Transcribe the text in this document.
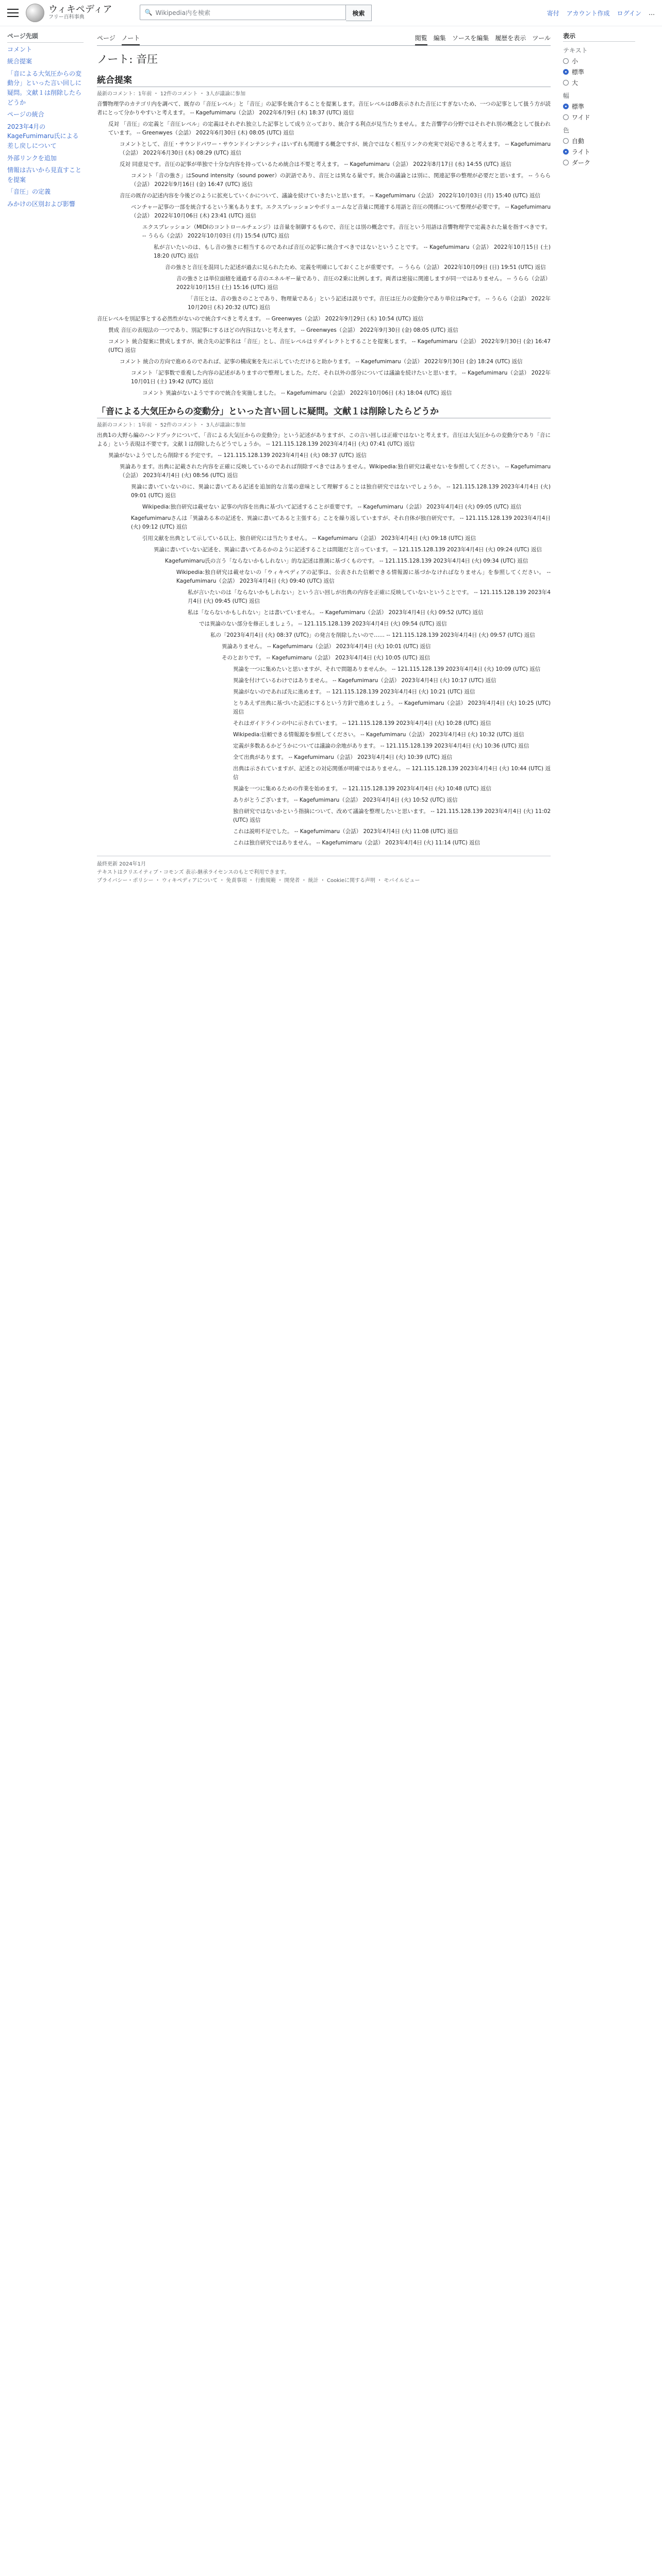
ウィキペディア
フリー百科事典
🔍 Wikipedia内を検索	検索	寄付 アカウント作成 ログイン …
ページ先頭
コメント
統合提案
「音による大気圧からの変動分」といった言い回しに疑問。文献１は削除したらどうか
ページの統合
2023年4月のKageFumimaru氏による差し戻しについて
外部リンクを追加
情報は古いから見直すことを提案
「音圧」の定義
みかけの区別および影響
ページ ノート	閲覧 編集 ソースを編集 履歴を表示 ツール
ノート: 音圧
統合提案
最新のコメント：1年前 ・ 12件のコメント ・ 3人が議論に参加
音響物理学のカテゴリ内を調べて、既存の「音圧レベル」と「音圧」の記事を統合することを提案します。音圧レベルはdB表示された音圧にすぎないため、一つの記事として扱う方が読者にとって分かりやすいと考えます。 -- Kagefumimaru（会話） 2022年6月9日 (木) 18:37 (UTC) 返信
反対 「音圧」の定義と「音圧レベル」の定義はそれぞれ独立した記事として成り立っており、統合する利点が見当たりません。また音響学の分野ではそれぞれ別の概念として扱われています。 -- Greenwyes（会話） 2022年6月30日 (木) 08:05 (UTC) 返信
コメントとして、音圧・サウンドパワー・サウンドインテンシティはいずれも関連する概念ですが、統合ではなく相互リンクの充実で対応できると考えます。 -- Kagefumimaru（会話） 2022年6月30日 (木) 08:29 (UTC) 返信
反対 同意見です。音圧の記事が単独で十分な内容を持っているため統合は不要と考えます。 -- Kagefumimaru（会話） 2022年8月17日 (水) 14:55 (UTC) 返信
コメント「音の強さ」はSound intensity（sound power）の訳語であり、音圧とは異なる量です。統合の議論とは別に、関連記事の整理が必要だと思います。 -- うらら（会話） 2022年9月16日 (金) 16:47 (UTC) 返信
音圧の既存の記述内容を今後どのように拡充していくかについて、議論を続けていきたいと思います。 -- Kagefumimaru（会話） 2022年10月03日 (月) 15:40 (UTC) 返信
ベンチャー記事の一部を統合するという案もあります。エクスプレッションやボリュームなど音量に関連する用語と音圧の関係について整理が必要です。 -- Kagefumimaru（会話） 2022年10月06日 (木) 23:41 (UTC) 返信
エクスプレッション（MIDIのコントロールチェンジ）は音量を制御するもので、音圧とは別の概念です。音圧という用語は音響物理学で定義された量を指すべきです。 -- うらら（会話） 2022年10月03日 (月) 15:54 (UTC) 返信
私が言いたいのは、もし音の強さに相当するのであれば音圧の記事に統合すべきではないということです。 -- Kagefumimaru（会話） 2022年10月15日 (土) 18:20 (UTC) 返信
音の強さと音圧を混同した記述が過去に見られたため、定義を明確にしておくことが重要です。 -- うらら（会話） 2022年10月09日 (日) 19:51 (UTC) 返信
音の強さとは単位面積を通過する音のエネルギー量であり、音圧の2乗に比例します。両者は密接に関連しますが同一ではありません。 -- うらら（会話） 2022年10月15日 (土) 15:16 (UTC) 返信
「音圧とは、音の強さのことであり、物理量である」という記述は誤りです。音圧は圧力の変動分であり単位はPaです。 -- うらら（会話） 2022年10月20日 (木) 20:32 (UTC) 返信
音圧レベルを別記事とする必然性がないので統合すべきと考えます。 -- Greenwyes（会話） 2022年9月29日 (木) 10:54 (UTC) 返信
賛成 音圧の表現法の一つであり、別記事にするほどの内容はないと考えます。 -- Greenwyes（会話） 2022年9月30日 (金) 08:05 (UTC) 返信
コメント 統合提案に賛成しますが、統合先の記事名は「音圧」とし、音圧レベルはリダイレクトとすることを提案します。 -- Kagefumimaru（会話） 2022年9月30日 (金) 16:47 (UTC) 返信
コメント 統合の方向で進めるのであれば、記事の構成案を先に示していただけると助かります。 -- Kagefumimaru（会話） 2022年9月30日 (金) 18:24 (UTC) 返信
コメント「記事数で重複した内容の記述がありますので整理しました。ただ、それ以外の部分については議論を続けたいと思います。 -- Kagefumimaru（会話） 2022年10月01日 (土) 19:42 (UTC) 返信
コメント 異論がないようですので統合を実施しました。 -- Kagefumimaru（会話） 2022年10月06日 (木) 18:04 (UTC) 返信
「音による大気圧からの変動分」といった言い回しに疑問。文献１は削除したらどうか
最新のコメント：1年前 ・ 52件のコメント ・ 3人が議論に参加
出典1の大野ら編のハンドブックについて、「音による大気圧からの変動分」という記述がありますが、この言い回しは正確ではないと考えます。音圧は大気圧からの変動分であり「音による」という表現は不要です。文献１は削除したらどうでしょうか。 -- 121.115.128.139 2023年4月4日 (火) 07:41 (UTC) 返信
異論がないようでしたら削除する予定です。 -- 121.115.128.139 2023年4月4日 (火) 08:37 (UTC) 返信
異論あります。出典に記載された内容を正確に反映しているのであれば削除すべきではありません。Wikipedia:独自研究は載せないを参照してください。 -- Kagefumimaru（会話） 2023年4月4日 (火) 08:56 (UTC) 返信
異論に書いていないのに、異論に書いてある記述を追加的な言葉の意味として理解することは独自研究ではないでしょうか。 -- 121.115.128.139 2023年4月4日 (火) 09:01 (UTC) 返信
Wikipedia:独自研究は載せない 記事の内容を出典に基づいて記述することが重要です。 -- Kagefumimaru（会話） 2023年4月4日 (火) 09:05 (UTC) 返信
Kagefumimaruさんは「異論ある本の記述を、異論に書いてあると主張する」ことを繰り返していますが、それ自体が独自研究です。 -- 121.115.128.139 2023年4月4日 (火) 09:12 (UTC) 返信
引用文献を出典として示している以上、独自研究には当たりません。 -- Kagefumimaru（会話） 2023年4月4日 (火) 09:18 (UTC) 返信
異論に書いていない記述を、異論に書いてあるかのように記述することは問題だと言っています。 -- 121.115.128.139 2023年4月4日 (火) 09:24 (UTC) 返信
Kagefumimaru氏の言う「ならないかもしれない」的な記述は推測に基づくものです。 -- 121.115.128.139 2023年4月4日 (火) 09:34 (UTC) 返信
Wikipedia:独自研究は載せないの「ウィキペディアの記事は、公表された信頼できる情報源に基づかなければなりません」を参照してください。 -- Kagefumimaru（会話） 2023年4月4日 (火) 09:40 (UTC) 返信
私が言いたいのは「ならないかもしれない」という言い回しが出典の内容を正確に反映していないということです。 -- 121.115.128.139 2023年4月4日 (火) 09:45 (UTC) 返信
私は「ならないかもしれない」とは書いていません。 -- Kagefumimaru（会話） 2023年4月4日 (火) 09:52 (UTC) 返信
では異論のない部分を修正しましょう。 -- 121.115.128.139 2023年4月4日 (火) 09:54 (UTC) 返信
私の「2023年4月4日 (火) 08:37 (UTC)」の発言を削除したいので…… -- 121.115.128.139 2023年4月4日 (火) 09:57 (UTC) 返信
異論ありません。 -- Kagefumimaru（会話） 2023年4月4日 (火) 10:01 (UTC) 返信
そのとおりです。 -- Kagefumimaru（会話） 2023年4月4日 (火) 10:05 (UTC) 返信
異論を一つに集めたいと思いますが、それで問題ありませんか。 -- 121.115.128.139 2023年4月4日 (火) 10:09 (UTC) 返信
異論を付けているわけではありません。 -- Kagefumimaru（会話） 2023年4月4日 (火) 10:17 (UTC) 返信
異論がないのであれば先に進めます。 -- 121.115.128.139 2023年4月4日 (火) 10:21 (UTC) 返信
とりあえず出典に基づいた記述にするという方針で進めましょう。 -- Kagefumimaru（会話） 2023年4月4日 (火) 10:25 (UTC) 返信
それはガイドラインの中に示されています。 -- 121.115.128.139 2023年4月4日 (火) 10:28 (UTC) 返信
Wikipedia:信頼できる情報源を参照してください。 -- Kagefumimaru（会話） 2023年4月4日 (火) 10:32 (UTC) 返信
定義が多数あるかどうかについては議論の余地があります。 -- 121.115.128.139 2023年4月4日 (火) 10:36 (UTC) 返信
全て出典があります。 -- Kagefumimaru（会話） 2023年4月4日 (火) 10:39 (UTC) 返信
出典は示されていますが、記述との対応関係が明確ではありません。 -- 121.115.128.139 2023年4月4日 (火) 10:44 (UTC) 返信
異論を一つに集めるための作業を始めます。 -- 121.115.128.139 2023年4月4日 (火) 10:48 (UTC) 返信
ありがとうございます。 -- Kagefumimaru（会話） 2023年4月4日 (火) 10:52 (UTC) 返信
独自研究ではないかという指摘について、改めて議論を整理したいと思います。 -- 121.115.128.139 2023年4月4日 (火) 11:02 (UTC) 返信
これは説明不足でした。 -- Kagefumimaru（会話） 2023年4月4日 (火) 11:08 (UTC) 返信
これは独自研究ではありません。 -- Kagefumimaru（会話） 2023年4月4日 (火) 11:14 (UTC) 返信
最終更新 2024年1月
テキストはクリエイティブ・コモンズ 表示-継承ライセンスのもとで利用できます。
プライバシー・ポリシー ・ ウィキペディアについて ・ 免責事項 ・ 行動規範 ・ 開発者 ・ 統計 ・ Cookieに関する声明 ・ モバイルビュー
表示
テキスト
小
標準
大
幅
標準
ワイド
色
自動
ライト
ダーク
